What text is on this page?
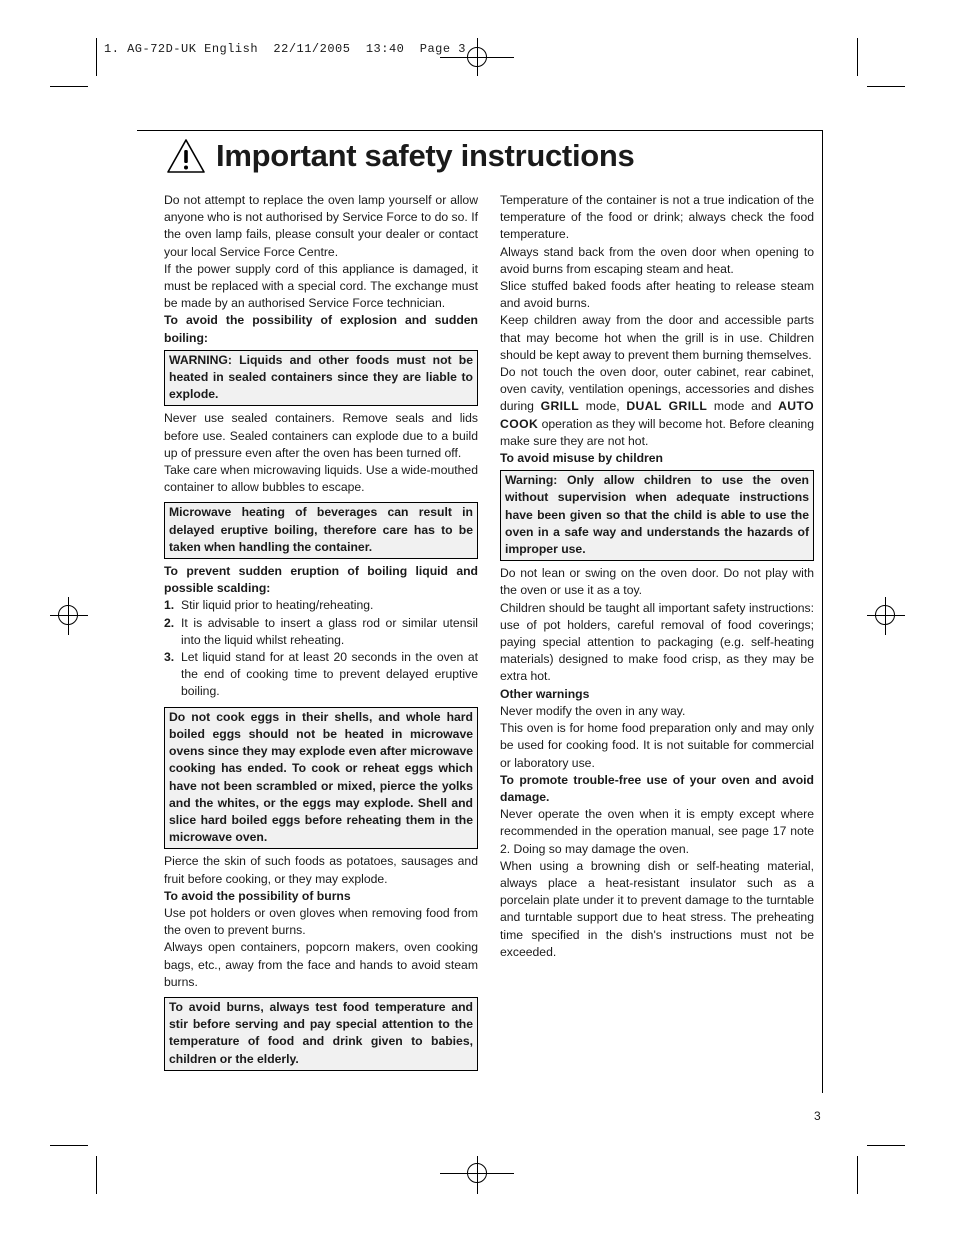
1. AG-72D-UK English  22/11/2005  13:40  Page 3
Important safety instructions

Do not attempt to replace the oven lamp yourself or allow anyone who is not authorised by Service Force to do so. If the oven lamp fails, please consult your dealer or contact your local Service Force Centre.

If the power supply cord of this appliance is damaged, it must be replaced with a special cord. The exchange must be made by an authorised Service Force technician.

To avoid the possibility of explosion and sudden boiling:

WARNING: Liquids and other foods must not be heated in sealed containers since they are liable to explode.

Never use sealed containers. Remove seals and lids before use. Sealed containers can explode due to a build up of pressure even after the oven has been turned off.

Take care when microwaving liquids. Use a wide-mouthed container to allow bubbles to escape.

Microwave heating of beverages can result in delayed eruptive boiling, therefore care has to be taken when handling the container.

To prevent sudden eruption of boiling liquid and possible scalding:

1. Stir liquid prior to heating/reheating.
2. It is advisable to insert a glass rod or similar utensil into the liquid whilst reheating.
3. Let liquid stand for at least 20 seconds in the oven at the end of cooking time to prevent delayed eruptive boiling.
Do not cook eggs in their shells, and whole hard boiled eggs should not be heated in microwave ovens since they may explode even after microwave cooking has ended. To cook or reheat eggs which have not been scrambled or mixed, pierce the yolks and the whites, or the eggs may explode. Shell and slice hard boiled eggs before reheating them in the microwave oven.

Pierce the skin of such foods as potatoes, sausages and fruit before cooking, or they may explode.

To avoid the possibility of burns

Use pot holders or oven gloves when removing food from the oven to prevent burns.

Always open containers, popcorn makers, oven cooking bags, etc., away from the face and hands to avoid steam burns.

To avoid burns, always test food temperature and stir before serving and pay special attention to the temperature of food and drink given to babies, children or the elderly.

Temperature of the container is not a true indication of the temperature of the food or drink; always check the food temperature.

Always stand back from the oven door when opening to avoid burns from escaping steam and heat.

Slice stuffed baked foods after heating to release steam and avoid burns.

Keep children away from the door and accessible parts that may become hot when the grill is in use. Children should be kept away to prevent them burning themselves.

Do not touch the oven door, outer cabinet, rear cabinet, oven cavity, ventilation openings, accessories and dishes during GRILL mode, DUAL GRILL mode and AUTO COOK operation as they will become hot. Before cleaning make sure they are not hot.

To avoid misuse by children

Warning: Only allow children to use the oven without supervision when adequate instructions have been given so that the child is able to use the oven in a safe way and understands the hazards of improper use.

Do not lean or swing on the oven door. Do not play with the oven or use it as a toy.

Children should be taught all important safety instructions: use of pot holders, careful removal of food coverings; paying special attention to packaging (e.g. self-heating materials) designed to make food crisp, as they may be extra hot.

Other warnings

Never modify the oven in any way.

This oven is for home food preparation only and may only be used for cooking food. It is not suitable for commercial or laboratory use.

To promote trouble-free use of your oven and avoid damage.

Never operate the oven when it is empty except where recommended in the operation manual, see page 17 note 2. Doing so may damage the oven.

When using a browning dish or self-heating material, always place a heat-resistant insulator such as a porcelain plate under it to prevent damage to the turntable and turntable support due to heat stress. The preheating time specified in the dish's instructions must not be exceeded.

3
